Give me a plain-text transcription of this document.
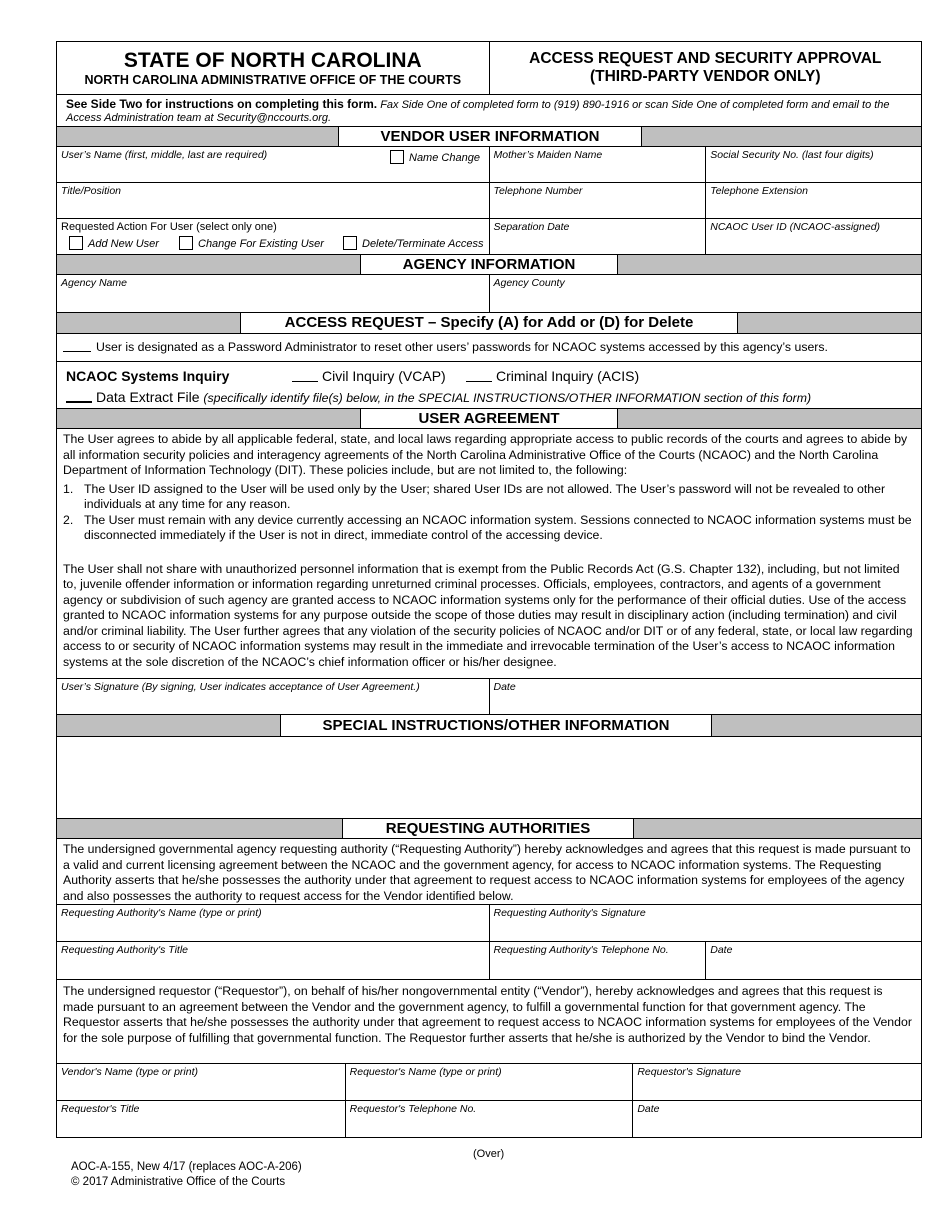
STATE OF NORTH CAROLINA
NORTH CAROLINA ADMINISTRATIVE OFFICE OF THE COURTS
ACCESS REQUEST AND SECURITY APPROVAL
(THIRD-PARTY VENDOR ONLY)
See Side Two for instructions on completing this form. Fax Side One of completed form to (919) 890-1916 or scan Side One of completed form and email to the Access Administration team at Security@nccourts.org.
VENDOR USER INFORMATION
User’s Name (first, middle, last are required)	Name Change	Mother’s Maiden Name	Social Security No. (last four digits)
Title/Position	Telephone Number	Telephone Extension
Requested Action For User (select only one)
Add New User	Change For Existing User	Delete/Terminate Access
Separation Date	NCAOC User ID (NCAOC-assigned)
AGENCY INFORMATION
Agency Name	Agency County
ACCESS REQUEST – Specify (A) for Add or (D) for Delete
User is designated as a Password Administrator to reset other users’ passwords for NCAOC systems accessed by this agency’s users.
NCAOC Systems Inquiry	Civil Inquiry (VCAP)	Criminal Inquiry (ACIS)
Data Extract File (specifically identify file(s) below, in the SPECIAL INSTRUCTIONS/OTHER INFORMATION section of this form)
USER AGREEMENT

The User agrees to abide by all applicable federal, state, and local laws regarding appropriate access to public records of the courts and agrees to abide by all information security policies and interagency agreements of the North Carolina Administrative Office of the Courts (NCAOC) and the North Carolina Department of Information Technology (DIT). These policies include, but are not limited to, the following:

1. The User ID assigned to the User will be used only by the User; shared User IDs are not allowed. The User’s password will not be revealed to other individuals at any time for any reason.
2. The User must remain with any device currently accessing an NCAOC information system. Sessions connected to NCAOC information systems must be disconnected immediately if the User is not in direct, immediate control of the accessing device.

The User shall not share with unauthorized personnel information that is exempt from the Public Records Act (G.S. Chapter 132), including, but not limited to, juvenile offender information or information regarding unreturned criminal processes. Officials, employees, contractors, and agents of a government agency or subdivision of such agency are granted access to NCAOC information systems only for the performance of their official duties. Use of the access granted to NCAOC information systems for any purpose outside the scope of those duties may result in disciplinary action (including termination) and civil and/or criminal liability. The User further agrees that any violation of the security policies of NCAOC and/or DIT or of any federal, state, or local law regarding access to or security of NCAOC information systems may result in the immediate and irrevocable termination of the User’s access to NCAOC information systems at the sole discretion of the NCAOC’s chief information officer or his/her designee.

User’s Signature (By signing, User indicates acceptance of User Agreement.)	Date
SPECIAL INSTRUCTIONS/OTHER INFORMATION
REQUESTING AUTHORITIES
The undersigned governmental agency requesting authority (“Requesting Authority”) hereby acknowledges and agrees that this request is made pursuant to a valid and current licensing agreement between the NCAOC and the government agency, for access to NCAOC information systems. The Requesting Authority asserts that he/she possesses the authority under that agreement to request access to NCAOC information systems for employees of the agency and also possesses the authority to request access for the Vendor identified below.
Requesting Authority's Name (type or print)	Requesting Authority's Signature
Requesting Authority's Title	Requesting Authority's Telephone No.	Date
The undersigned requestor (“Requestor”), on behalf of his/her nongovernmental entity (“Vendor”), hereby acknowledges and agrees that this request is made pursuant to an agreement between the Vendor and the government agency, to fulfill a governmental function for that government agency. The Requestor asserts that he/she possesses the authority under that agreement to request access to NCAOC information systems for employees of the Vendor for the sole purpose of fulfilling that governmental function. The Requestor further asserts that he/she is authorized by the Vendor to bind the Vendor.
Vendor's Name (type or print)	Requestor's Name (type or print)	Requestor's Signature
Requestor's Title	Requestor's Telephone No.	Date
(Over)
AOC-A-155, New 4/17 (replaces AOC-A-206)
© 2017 Administrative Office of the Courts
